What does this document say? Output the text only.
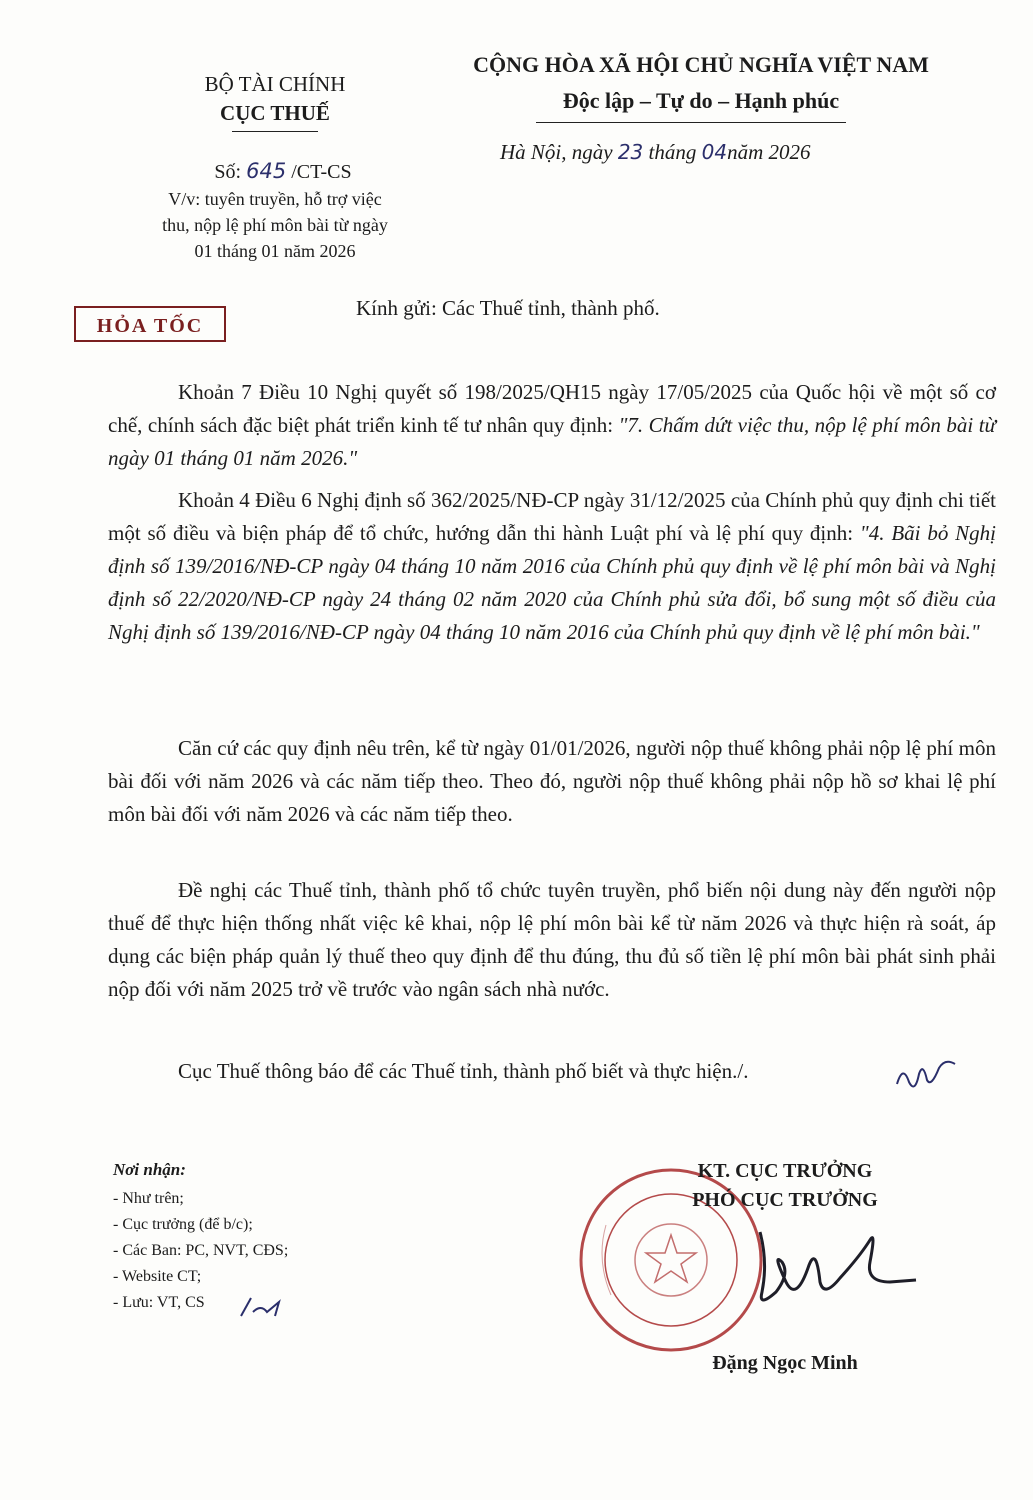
BỘ TÀI CHÍNH
CỤC THUẾ
Số: 645 /CT-CS
V/v: tuyên truyền, hỗ trợ việc
thu, nộp lệ phí môn bài từ ngày
01 tháng 01 năm 2026
CỘNG HÒA XÃ HỘI CHỦ NGHĨA VIỆT NAM
Độc lập – Tự do – Hạnh phúc
Hà Nội, ngày 23 tháng 04năm 2026
HỎA TỐC
Kính gửi: Các Thuế tỉnh, thành phố.
Khoản 7 Điều 10 Nghị quyết số 198/2025/QH15 ngày 17/05/2025 của Quốc hội về một số cơ chế, chính sách đặc biệt phát triển kinh tế tư nhân quy định: "7. Chấm dứt việc thu, nộp lệ phí môn bài từ ngày 01 tháng 01 năm 2026."
Khoản 4 Điều 6 Nghị định số 362/2025/NĐ-CP ngày 31/12/2025 của Chính phủ quy định chi tiết một số điều và biện pháp để tổ chức, hướng dẫn thi hành Luật phí và lệ phí quy định: "4. Bãi bỏ Nghị định số 139/2016/NĐ-CP ngày 04 tháng 10 năm 2016 của Chính phủ quy định về lệ phí môn bài và Nghị định số 22/2020/NĐ-CP ngày 24 tháng 02 năm 2020 của Chính phủ sửa đổi, bổ sung một số điều của Nghị định số 139/2016/NĐ-CP ngày 04 tháng 10 năm 2016 của Chính phủ quy định về lệ phí môn bài."
Căn cứ các quy định nêu trên, kể từ ngày 01/01/2026, người nộp thuế không phải nộp lệ phí môn bài đối với năm 2026 và các năm tiếp theo. Theo đó, người nộp thuế không phải nộp hồ sơ khai lệ phí môn bài đối với năm 2026 và các năm tiếp theo.
Đề nghị các Thuế tỉnh, thành phố tổ chức tuyên truyền, phổ biến nội dung này đến người nộp thuế để thực hiện thống nhất việc kê khai, nộp lệ phí môn bài kể từ năm 2026 và thực hiện rà soát, áp dụng các biện pháp quản lý thuế theo quy định để thu đúng, thu đủ số tiền lệ phí môn bài phát sinh phải nộp đối với năm 2025 trở về trước vào ngân sách nhà nước.
Cục Thuế thông báo để các Thuế tỉnh, thành phố biết và thực hiện./.
Nơi nhận:
- Như trên;
- Cục trưởng (để b/c);
- Các Ban: PC, NVT, CĐS;
- Website CT;
- Lưu: VT, CS
KT. CỤC TRƯỞNG
PHÓ CỤC TRƯỞNG
Đặng Ngọc Minh
